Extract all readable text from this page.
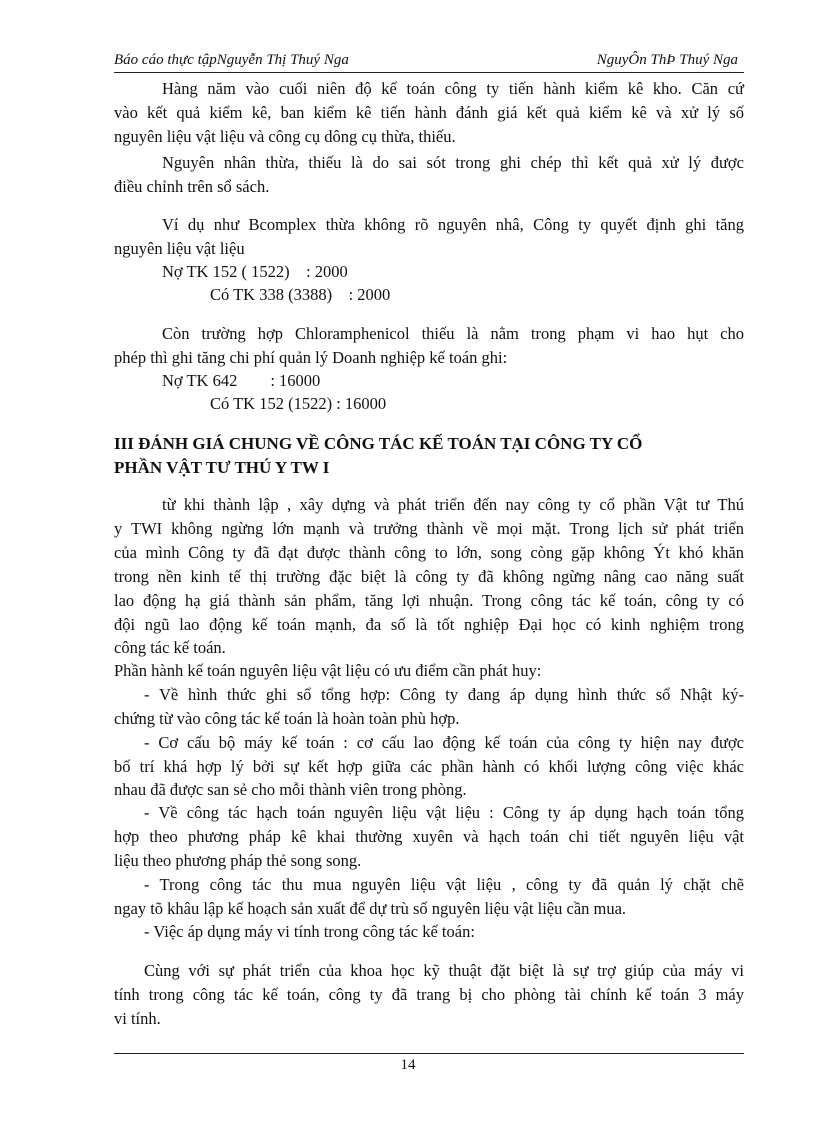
Báo cáo thực tậpNguyễn Thị Thuý Nga	NguyÔn ThÞ Thuý Nga
Hàng năm vào cuối niên độ kế toán công ty tiến hành kiểm kê kho. Căn cứ
vào kết quả kiểm kê, ban kiểm kê tiến hành đánh giá kết quả kiểm kê và xử lý số
nguyên liệu vật liệu và công cụ dông cụ thừa, thiếu.
Nguyên nhân thừa, thiếu là do sai sót trong ghi chép thì kết quả xử lý được
điều chỉnh trên sổ sách.
Ví dụ như Bcomplex thừa không rõ nguyên nhâ, Công ty quyết định ghi tăng
nguyên liệu vật liệu
Nợ TK 152 ( 1522)    : 2000
Có TK 338 (3388)    : 2000
Còn trường hợp Chloramphenicol thiếu là nằm trong phạm vi hao hụt cho
phép thì ghi tăng chi phí quản lý Doanh nghiệp kế toán ghi:
Nợ TK 642        : 16000
Có TK 152 (1522) : 16000
III ĐÁNH GIÁ CHUNG VỀ CÔNG TÁC KẾ TOÁN TẠI CÔNG TY CỔ
PHẦN VẬT TƯ THÚ Y TW I
từ khi thành lập , xây dựng và phát triển đến nay công ty cổ phần Vật tư Thú
y TWI không ngừng lớn mạnh và trưởng thành về mọi mặt. Trong lịch sử phát triển
của mình Công ty đã đạt được thành công to lớn, song còng gặp không Ýt khó khăn
trong nền kinh tế thị trường đặc biệt là công ty đã không ngừng nâng cao năng suất
lao động hạ giá thành sản phẩm, tăng lợi nhuận. Trong công tác kế toán, công ty có
đội ngũ lao động kế toán mạnh, đa số là tốt nghiệp Đại học có kinh nghiệm trong
công tác kế toán.
Phần hành kế toán nguyên liệu vật liệu có ưu điểm cần phát huy:
- Về hình thức ghi sổ tổng hợp: Công ty đang áp dụng hình thức sổ Nhật ký-
chứng từ vào công tác kế toán là hoàn toàn phù hợp.
- Cơ cấu bộ máy kế toán : cơ cấu lao động kế toán của công ty hiện nay được
bố trí khá hợp lý bởi sự kết hợp giữa các phần hành có khối lượng công việc khác
nhau đã được san sẻ cho mỗi thành viên trong phòng.
- Về công tác hạch toán nguyên liệu vật liệu : Công ty áp dụng hạch toán tổng
hợp theo phương pháp kê khai thường xuyên và hạch toán chi tiết nguyên liệu vật
liệu theo phương pháp thẻ song song.
- Trong công tác thu mua nguyên liệu vật liệu , công ty đã quản lý chặt chẽ
ngay tõ khâu lập kế hoạch sản xuất để dự trù số nguyên liệu vật liệu cần mua.
- Việc áp dụng máy vi tính trong công tác kế toán:
Cùng với sự phát triển của khoa học kỹ thuật đặt biệt là sự trợ giúp của máy vi
tính trong công tác kế toán, công ty đã trang bị cho phòng tài chính kế toán 3 máy
vi tính.
14
